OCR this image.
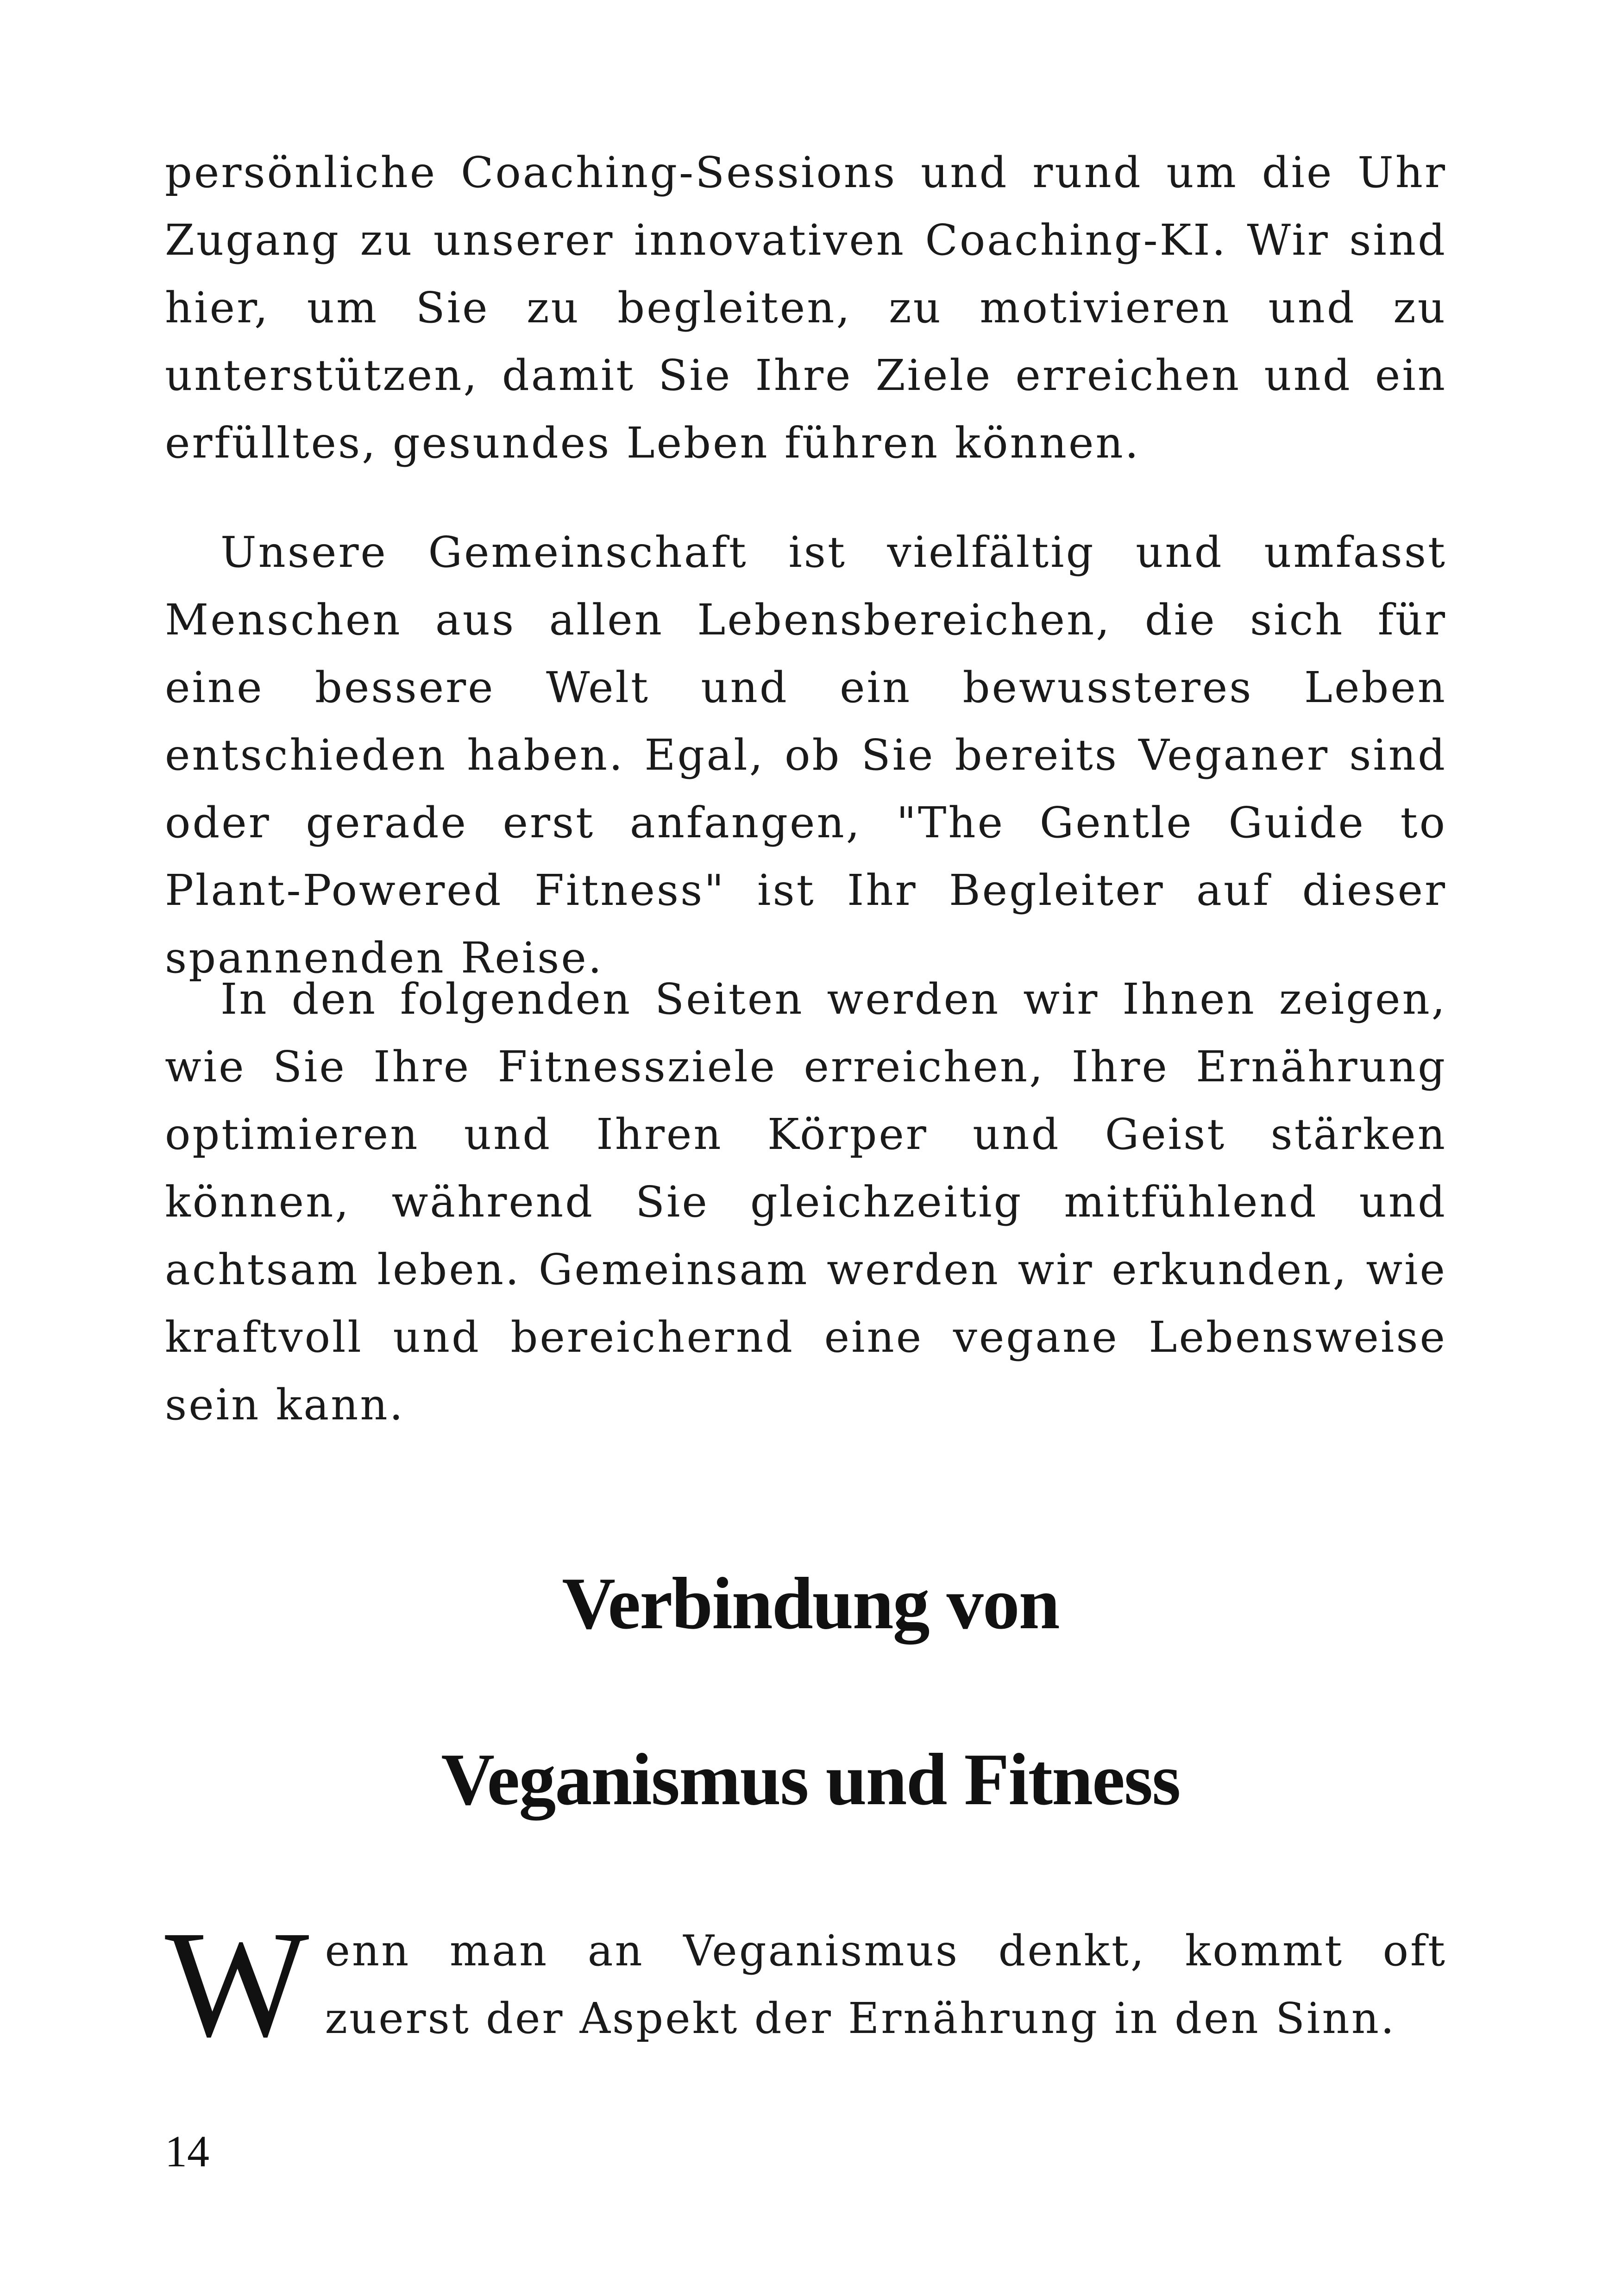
persönliche Coaching-Sessions und rund um die Uhr Zugang zu unserer innovativen Coaching-KI. Wir sind hier, um Sie zu begleiten, zu motivieren und zu unterstützen, damit Sie Ihre Ziele erreichen und ein erfülltes, gesundes Leben führen können.

Unsere Gemeinschaft ist vielfältig und umfasst Menschen aus allen Lebensbereichen, die sich für eine bessere Welt und ein bewussteres Leben entschieden haben. Egal, ob Sie bereits Veganer sind oder gerade erst anfangen, "The Gentle Guide to Plant-Powered Fitness" ist Ihr Begleiter auf dieser spannenden Reise.

In den folgenden Seiten werden wir Ihnen zeigen, wie Sie Ihre Fitnessziele erreichen, Ihre Ernährung optimieren und Ihren Körper und Geist stärken können, während Sie gleichzeitig mitfühlend und achtsam leben. Gemeinsam werden wir erkunden, wie kraftvoll und bereichernd eine vegane Lebensweise sein kann.

Verbindung von
Veganismus und Fitness
W enn man an Veganismus denkt, kommt oft zuerst der Aspekt der Ernährung in den Sinn.
14
